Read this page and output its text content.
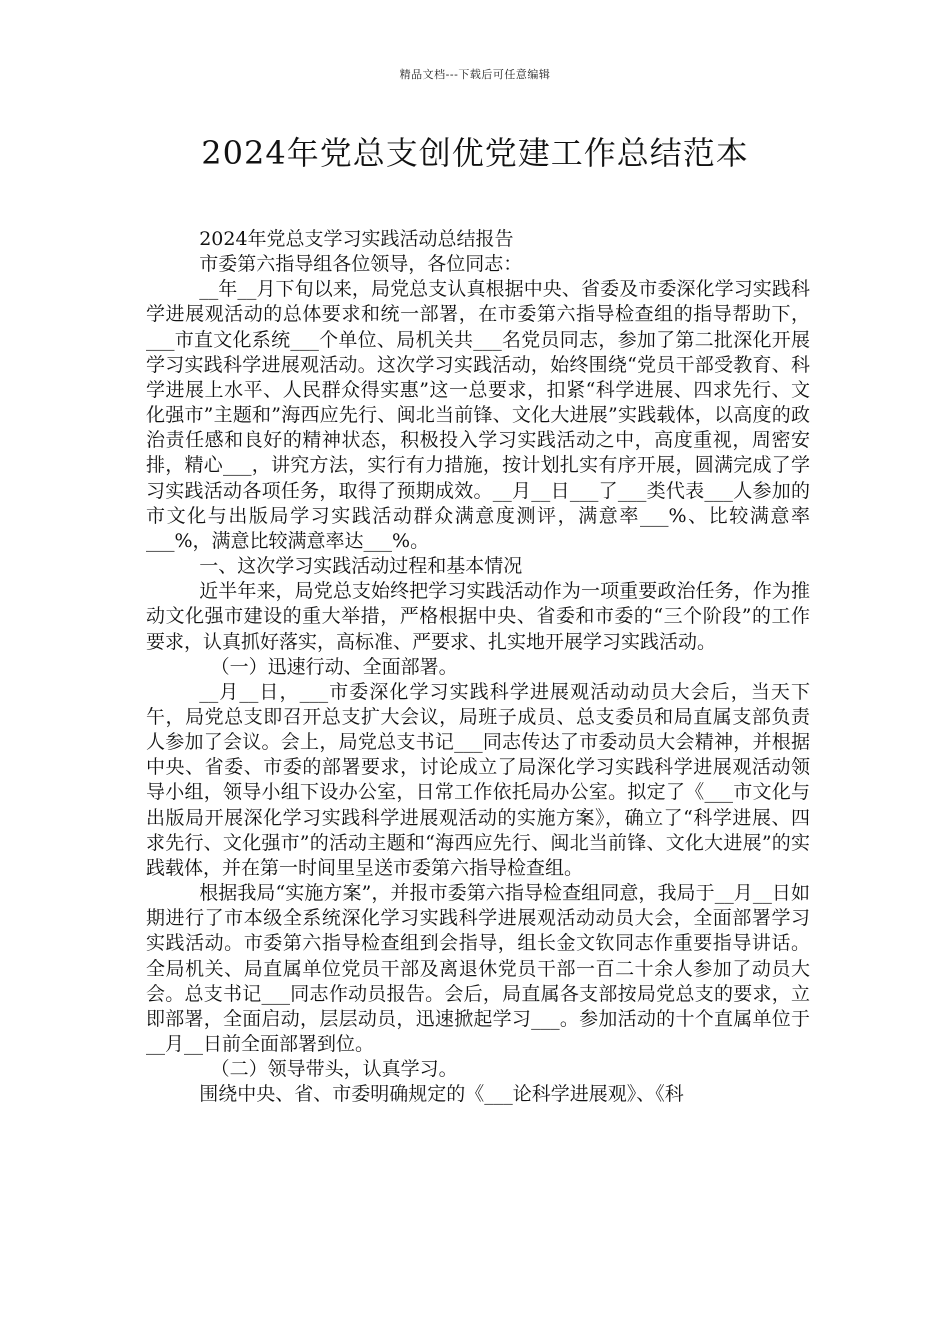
精品文档---下载后可任意编辑
2024年党总支创优党建工作总结范本

2024年党总支学习实践活动总结报告

市委第六指导组各位领导，各位同志：

__年__月下旬以来，局党总支认真根据中央、省委及市委深化学习实践科学进展观活动的总体要求和统一部署，在市委第六指导检查组的指导帮助下，___市直文化系统___个单位、局机关共___名党员同志，参加了第二批深化开展学习实践科学进展观活动。这次学习实践活动，始终围绕“党员干部受教育、科学进展上水平、人民群众得实惠”这一总要求，扣紧“科学进展、四求先行、文化强市”主题和”海西应先行、闽北当前锋、文化大进展”实践载体，以高度的政治责任感和良好的精神状态，积极投入学习实践活动之中，高度重视，周密安排，精心___，讲究方法，实行有力措施，按计划扎实有序开展，圆满完成了学习实践活动各项任务，取得了预期成效。__月__日___了___类代表___人参加的市文化与出版局学习实践活动群众满意度测评，满意率___%、比较满意率___%，满意比较满意率达___%。

一、这次学习实践活动过程和基本情况

近半年来，局党总支始终把学习实践活动作为一项重要政治任务，作为推动文化强市建设的重大举措，严格根据中央、省委和市委的“三个阶段”的工作要求，认真抓好落实，高标准、严要求、扎实地开展学习实践活动。

（一）迅速行动、全面部署。

__月__日，___市委深化学习实践科学进展观活动动员大会后，当天下午，局党总支即召开总支扩大会议，局班子成员、总支委员和局直属支部负责人参加了会议。会上，局党总支书记___同志传达了市委动员大会精神，并根据中央、省委、市委的部署要求，讨论成立了局深化学习实践科学进展观活动领导小组，领导小组下设办公室，日常工作依托局办公室。拟定了《___市文化与出版局开展深化学习实践科学进展观活动的实施方案》，确立了“科学进展、四求先行、文化强市”的活动主题和“海西应先行、闽北当前锋、文化大进展”的实践载体，并在第一时间里呈送市委第六指导检查组。

根据我局“实施方案”，并报市委第六指导检查组同意，我局于__月__日如期进行了市本级全系统深化学习实践科学进展观活动动员大会，全面部署学习实践活动。市委第六指导检查组到会指导，组长金文钦同志作重要指导讲话。全局机关、局直属单位党员干部及离退休党员干部一百二十余人参加了动员大会。总支书记___同志作动员报告。会后，局直属各支部按局党总支的要求，立即部署，全面启动，层层动员，迅速掀起学习___。参加活动的十个直属单位于__月__日前全面部署到位。

（二）领导带头，认真学习。

围绕中央、省、市委明确规定的《___论科学进展观》、《科
